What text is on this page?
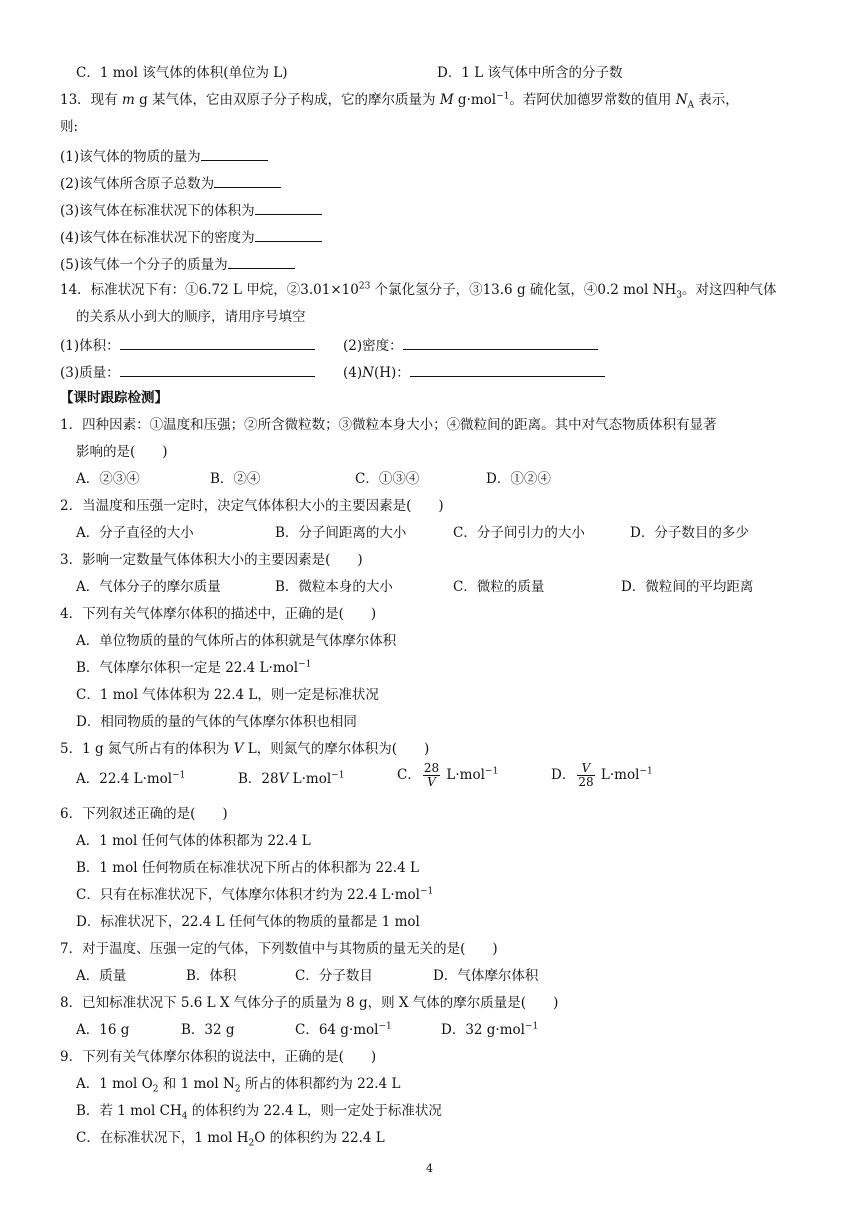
C．1 mol 该气体的体积(单位为 L)	D．1 L 该气体中所含的分子数
13．现有 m g 某气体，它由双原子分子构成，它的摩尔质量为 M g·mol$^{-1}$。若阿伏加德罗常数的值用 $N_A$ 表示，
则:
(1)该气体的物质的量为
(2)该气体所含原子总数为
(3)该气体在标准状况下的体积为
(4)该气体在标准状况下的密度为
(5)该气体一个分子的质量为
14．标准状况下有：①6.72 L 甲烷，$②3.01\times 10^{23}$ 个氯化氢分子，③13.6 g 硫化氢，④0.2 mol $NH_3$。对这四种气体
的关系从小到大的顺序，请用序号填空
(1)体积：	(2)密度：
(3)质量：	(4)N(H)：
【课时跟踪检测】
1．四种因素：①温度和压强；②所含微粒数；③微粒本身大小；④微粒间的距离。其中对气态物质体积有显著
影响的是(　　)
A．②③④	B．②④	C．①③④	D．①②④
2．当温度和压强一定时，决定气体体积大小的主要因素是(　　)
A．分子直径的大小	B．分子间距离的大小	C．分子间引力的大小	D．分子数目的多少
3．影响一定数量气体体积大小的主要因素是(　　)
A．气体分子的摩尔质量	B．微粒本身的大小	C．微粒的质量	D．微粒间的平均距离
4．下列有关气体摩尔体积的描述中，正确的是(　　)
A．单位物质的量的气体所占的体积就是气体摩尔体积
B．气体摩尔体积一定是 22.4 L·mol$^{-1}$
C．1 mol 气体体积为 22.4 L，则一定是标准状况
D．相同物质的量的气体的气体摩尔体积也相同
5．1 g 氮气所占有的体积为 V L，则氮气的摩尔体积为(　　)
A．22.4 L·mol$^{-1}$	B．28V L·mol$^{-1}$	C． $\frac{28}{V} L\cdot mol^{-1}$	D． $\frac{V}{28} L\cdot mol^{-1}$
6．下列叙述正确的是(　　)
A．1 mol 任何气体的体积都为 22.4 L
B．1 mol 任何物质在标准状况下所占的体积都为 22.4 L
C．只有在标准状况下，气体摩尔体积才约为 22.4 L·mol$^{-1}$
D．标准状况下，22.4 L 任何气体的物质的量都是 1 mol
7．对于温度、压强一定的气体，下列数值中与其物质的量无关的是(　　)
A．质量	B．体积	C．分子数目	D．气体摩尔体积
8．已知标准状况下 5.6 L X 气体分子的质量为 8 g，则 X 气体的摩尔质量是(　　)
A．16 g	B．32 g	C．64 g·mol$^{-1}$	D．32 g·mol$^{-1}$
9．下列有关气体摩尔体积的说法中，正确的是(　　)
A．1 mol $O_2$ 和 1 mol $N_2$ 所占的体积都约为 22.4 L
B．若 1 mol $CH_4$ 的体积约为 22.4 L，则一定处于标准状况
C．在标准状况下，1 mol $H_2O$ 的体积约为 22.4 L
4
